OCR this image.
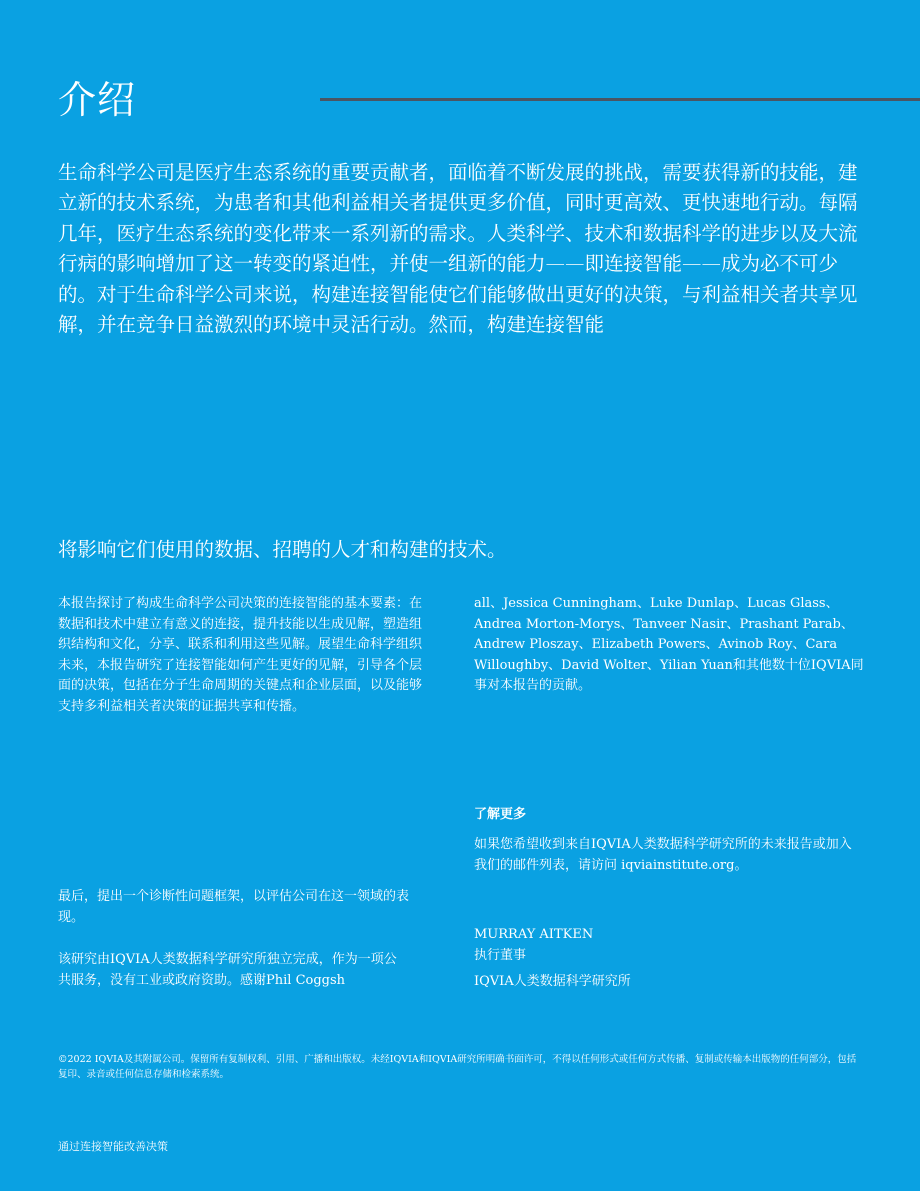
介绍
生命科学公司是医疗生态系统的重要贡献者，面临着不断发展的挑战，需要获得新的技能，建立新的技术系统，为患者和其他利益相关者提供更多价值，同时更高效、更快速地行动。每隔几年，医疗生态系统的变化带来一系列新的需求。人类科学、技术和数据科学的进步以及大流行病的影响增加了这一转变的紧迫性，并使一组新的能力——即连接智能——成为必不可少的。对于生命科学公司来说，构建连接智能使它们能够做出更好的决策，与利益相关者共享见解，并在竞争日益激烈的环境中灵活行动。然而，构建连接智能
将影响它们使用的数据、招聘的人才和构建的技术。
本报告探讨了构成生命科学公司决策的连接智能的基本要素：在数据和技术中建立有意义的连接，提升技能以生成见解，塑造组织结构和文化，分享、联系和利用这些见解。展望生命科学组织未来，本报告研究了连接智能如何产生更好的见解，引导各个层面的决策，包括在分子生命周期的关键点和企业层面，以及能够支持多利益相关者决策的证据共享和传播。
all、Jessica Cunningham、Luke Dunlap、Lucas Glass、Andrea Morton-Morys、Tanveer Nasir、Prashant Parab、Andrew Ploszay、Elizabeth Powers、Avinob Roy、Cara Willoughby、David Wolter、Yilian Yuan和其他数十位IQVIA同事对本报告的贡献。
了解更多
如果您希望收到来自IQVIA人类数据科学研究所的未来报告或加入我们的邮件列表，请访问 iqviainstitute.org。
最后，提出一个诊断性问题框架，以评估公司在这一领域的表现。
该研究由IQVIA人类数据科学研究所独立完成，作为一项公共服务，没有工业或政府资助。感谢Phil Coggsh
MURRAY AITKEN 执行董事
IQVIA人类数据科学研究所
©2022 IQVIA及其附属公司。保留所有复制权利、引用、广播和出版权。未经IQVIA和IQVIA研究所明确书面许可，不得以任何形式或任何方式传播、复制或传输本出版物的任何部分，包括复印、录音或任何信息存储和检索系统。
通过连接智能改善决策
